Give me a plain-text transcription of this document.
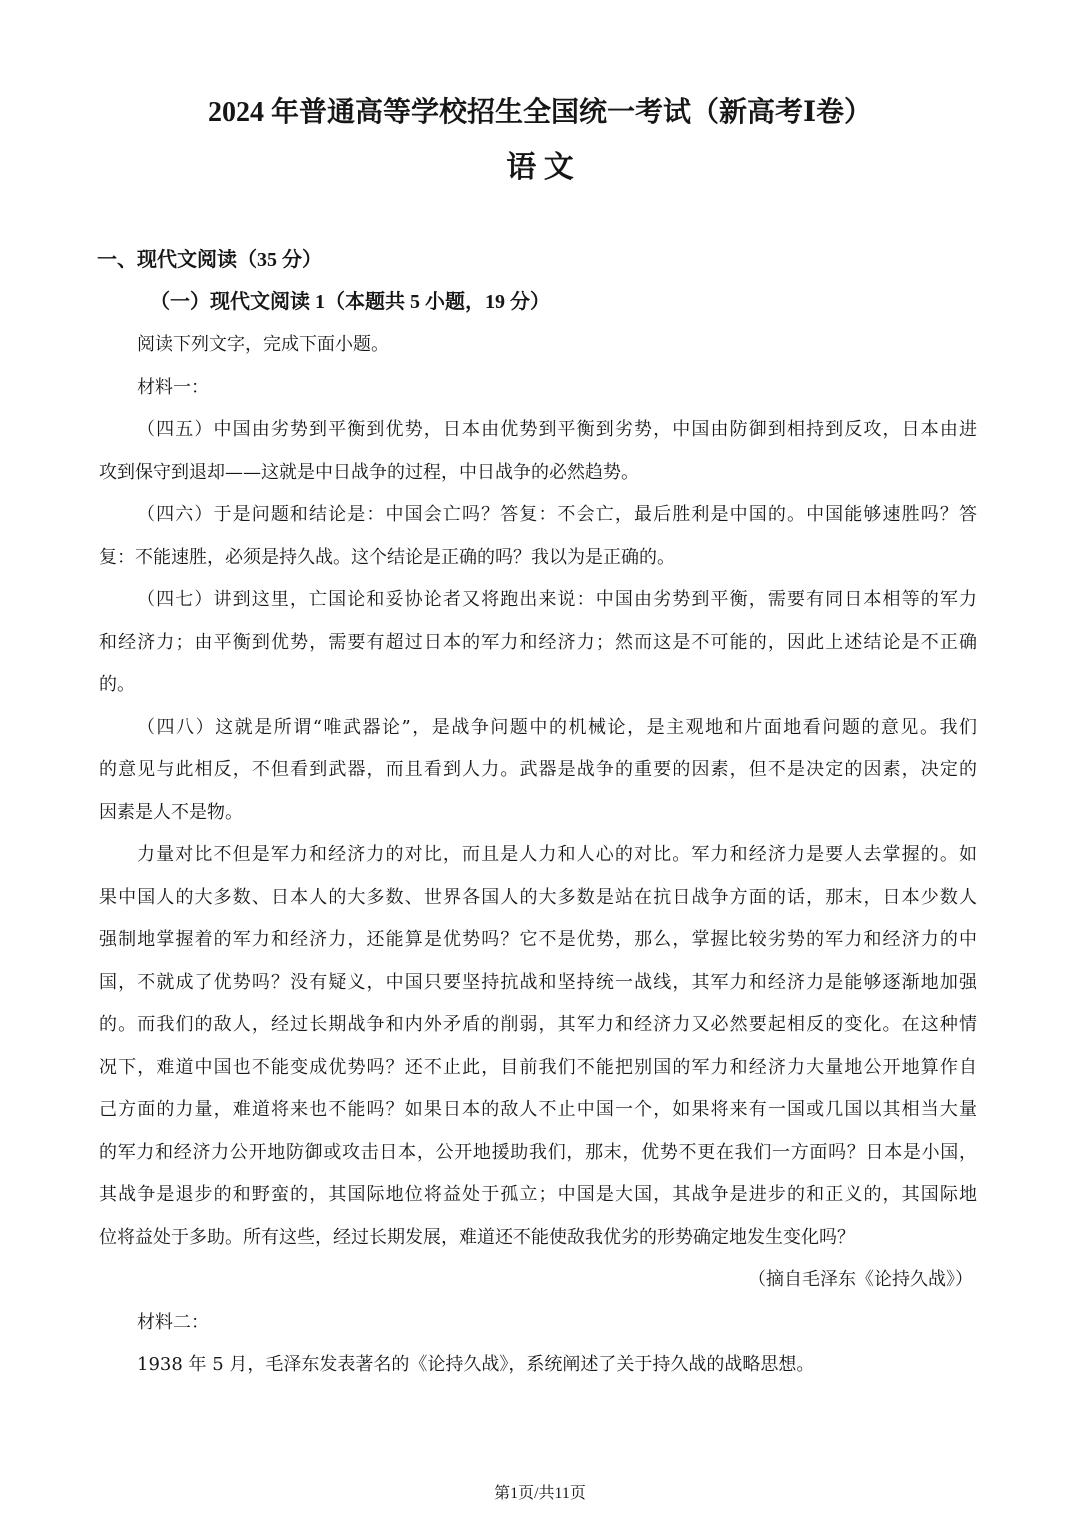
2024 年普通高等学校招生全国统一考试（新高考Ⅰ卷）
语 文
一、现代文阅读（35 分）
（一）现代文阅读 1（本题共 5 小题，19 分）
阅读下列文字，完成下面小题。
材料一：
（四五）中国由劣势到平衡到优势，日本由优势到平衡到劣势，中国由防御到相持到反攻，日本由进
攻到保守到退却——这就是中日战争的过程，中日战争的必然趋势。
（四六）于是问题和结论是：中国会亡吗？答复：不会亡，最后胜利是中国的。中国能够速胜吗？答
复：不能速胜，必须是持久战。这个结论是正确的吗？我以为是正确的。
（四七）讲到这里，亡国论和妥协论者又将跑出来说：中国由劣势到平衡，需要有同日本相等的军力
和经济力；由平衡到优势，需要有超过日本的军力和经济力；然而这是不可能的，因此上述结论是不正确
的。
（四八）这就是所谓“唯武器论”，是战争问题中的机械论，是主观地和片面地看问题的意见。我们
的意见与此相反，不但看到武器，而且看到人力。武器是战争的重要的因素，但不是决定的因素，决定的
因素是人不是物。
力量对比不但是军力和经济力的对比，而且是人力和人心的对比。军力和经济力是要人去掌握的。如
果中国人的大多数、日本人的大多数、世界各国人的大多数是站在抗日战争方面的话，那末，日本少数人
强制地掌握着的军力和经济力，还能算是优势吗？它不是优势，那么，掌握比较劣势的军力和经济力的中
国，不就成了优势吗？没有疑义，中国只要坚持抗战和坚持统一战线，其军力和经济力是能够逐渐地加强
的。而我们的敌人，经过长期战争和内外矛盾的削弱，其军力和经济力又必然要起相反的变化。在这种情
况下，难道中国也不能变成优势吗？还不止此，目前我们不能把别国的军力和经济力大量地公开地算作自
己方面的力量，难道将来也不能吗？如果日本的敌人不止中国一个，如果将来有一国或几国以其相当大量
的军力和经济力公开地防御或攻击日本，公开地援助我们，那末，优势不更在我们一方面吗？日本是小国，
其战争是退步的和野蛮的，其国际地位将益处于孤立；中国是大国，其战争是进步的和正义的，其国际地
位将益处于多助。所有这些，经过长期发展，难道还不能使敌我优劣的形势确定地发生变化吗？
（摘自毛泽东《论持久战》）
材料二：
1938 年 5 月，毛泽东发表著名的《论持久战》，系统阐述了关于持久战的战略思想。
第1页/共11页
